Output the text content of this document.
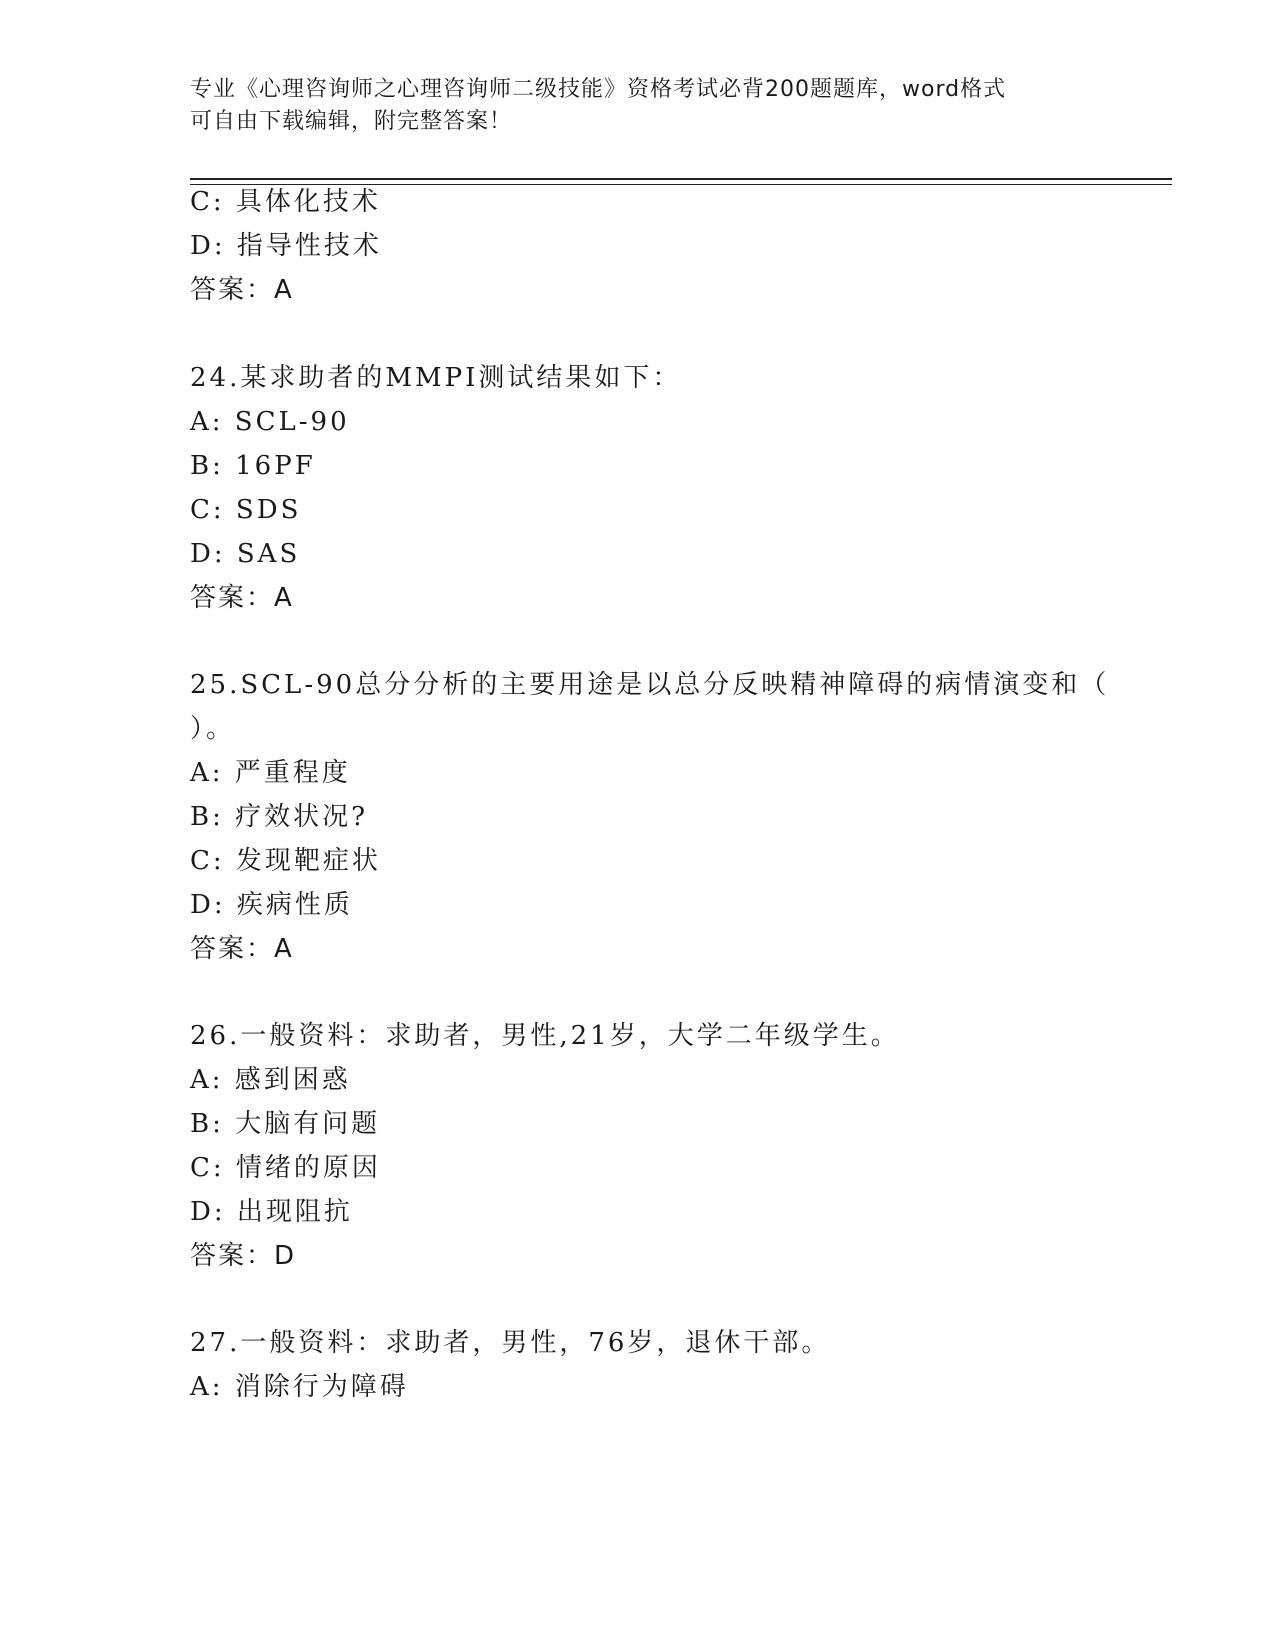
专业《心理咨询师之心理咨询师二级技能》资格考试必背200题题库，word格式
可自由下载编辑，附完整答案！
C: 具体化技术
D: 指导性技术
答案：A
24.某求助者的MMPI测试结果如下：
A: SCL-90
B: 16PF
C: SDS
D: SAS
答案：A
25.SCL-90总分分析的主要用途是以总分反映精神障碍的病情演变和（
）。
A: 严重程度
B: 疗效状况?
C: 发现靶症状
D: 疾病性质
答案：A
26.一般资料：求助者，男性,21岁，大学二年级学生。
A: 感到困惑
B: 大脑有问题
C: 情绪的原因
D: 出现阻抗
答案：D
27.一般资料：求助者，男性，76岁，退休干部。
A: 消除行为障碍
